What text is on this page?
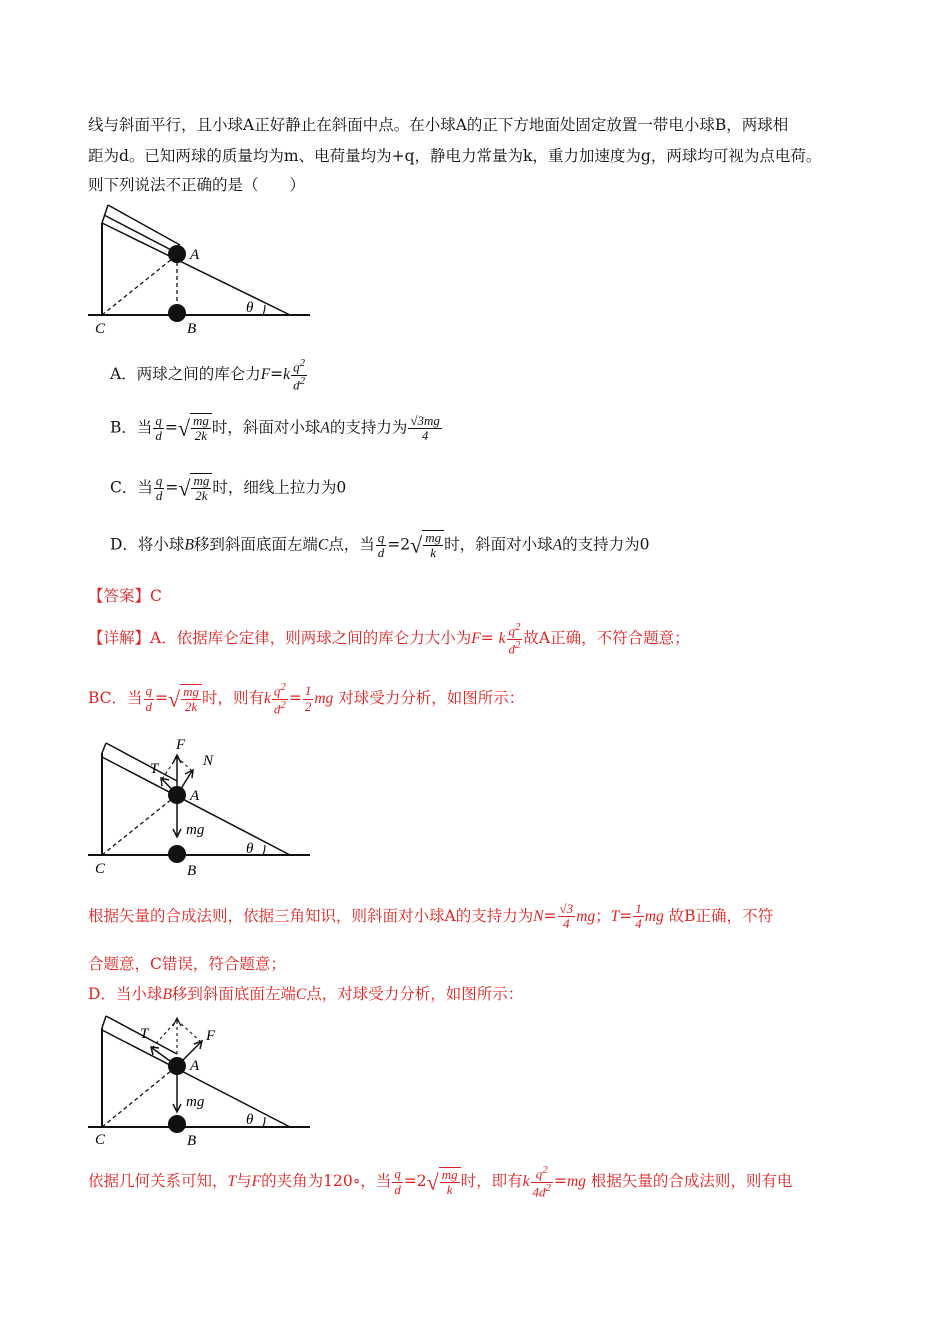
线与斜面平行，且小球A正好静止在斜面中点。在小球A的正下方地面处固定放置一带电小球B，两球相
距为d。已知两球的质量均为m、电荷量均为+q，静电力常量为k，重力加速度为g，两球均可视为点电荷。
则下列说法不正确的是（　　）
A
B
C
θ
A．两球之间的库仑力$F=k \frac{q^2}{d^2}$
B．当 $\frac{q}{d}$ =√ $\frac{mg}{2k}$ 时，斜面对小球A的支持力为 $\frac{√3mg}{4}$
C．当 $\frac{q}{d}$ =√ $\frac{mg}{2k}$ 时，细线上拉力为0
D．将小球B移到斜面底面左端C点，当 $\frac{q}{d} =2√ \frac{mg}{k}$ 时，斜面对小球A的支持力为0
【答案】C
【详解】A．依据库仑定律，则两球之间的库仑力大小为F= k $\frac{q^2}{d^2}$ 故A正确，不符合题意；
BC．当 $\frac{q}{d}$ =√ $\frac{mg}{2k}$ 时，则有k $\frac{q^2}{d^2} = \frac{1}{2}$ mg 对球受力分析，如图所示：
F
T	N
A
mg
θ
C	B
根据矢量的合成法则，依据三角知识，则斜面对小球A的支持力为$N= \frac{√3}{4}$ mg；$T= \frac{1}{4}$ mg 故B正确，不符
合题意，C错误，符合题意；
D．当小球B移到斜面底面左端C点，对球受力分析，如图所示：
T	F
A
mg
θ
C	B
依据几何关系可知，T与F的夹角为120∘，当 $\frac{q}{d} =2√ \frac{mg}{k}$ 时，即有k $\frac{q^2}{4d^2} =mg$ 根据矢量的合成法则，则有电
